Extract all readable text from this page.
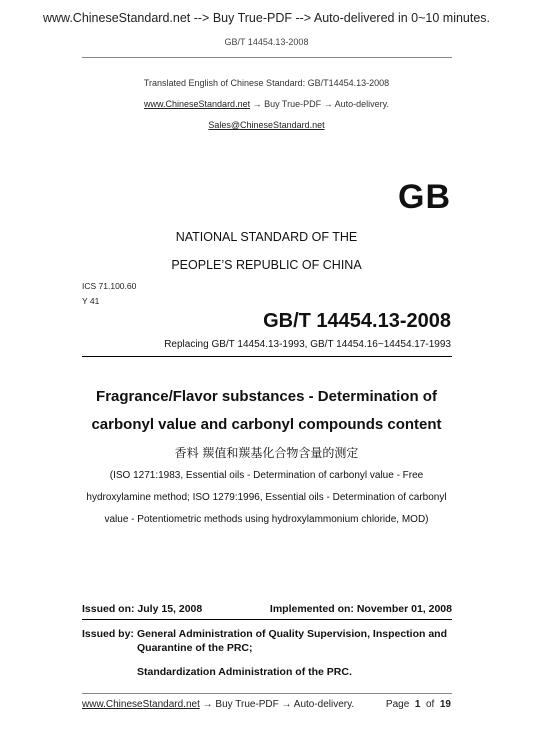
www.ChineseStandard.net --> Buy True-PDF --> Auto-delivered in 0~10 minutes.
GB/T 14454.13-2008
Translated English of Chinese Standard: GB/T14454.13-2008
www.ChineseStandard.net → Buy True-PDF → Auto-delivery.
Sales@ChineseStandard.net
GB
NATIONAL STANDARD OF THE
PEOPLE’S REPUBLIC OF CHINA
ICS 71.100.60
Y 41
GB/T 14454.13-2008
Replacing GB/T 14454.13-1993, GB/T 14454.16~14454.17-1993
Fragrance/Flavor substances - Determination of
carbonyl value and carbonyl compounds content
香料 羰值和羰基化合物含量的测定
(ISO 1271:1983, Essential oils - Determination of carbonyl value - Free
hydroxylamine method; ISO 1279:1996, Essential oils - Determination of carbonyl
value - Potentiometric methods using hydroxylammonium chloride, MOD)
Issued on: July 15, 2008	Implemented on: November 01, 2008
Issued by: General Administration of Quality Supervision, Inspection and
Quarantine of the PRC;
Standardization Administration of the PRC.
www.ChineseStandard.net → Buy True-PDF → Auto-delivery.	Page 1 of 19
